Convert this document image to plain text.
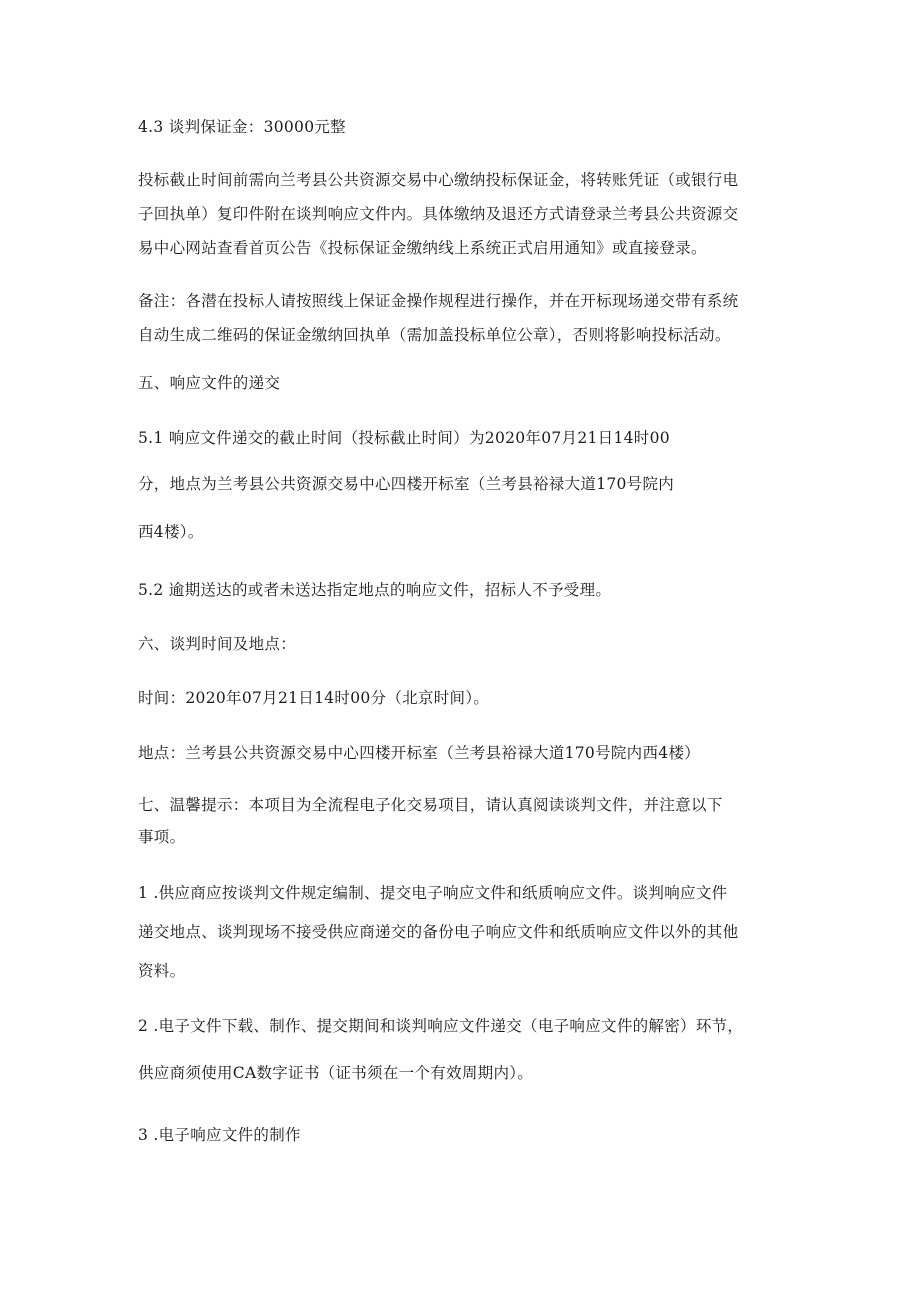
4.3 谈判保证金：30000元整
投标截止时间前需向兰考县公共资源交易中心缴纳投标保证金，将转账凭证（或银行电
子回执单）复印件附在谈判响应文件内。具体缴纳及退还方式请登录兰考县公共资源交
易中心网站查看首页公告《投标保证金缴纳线上系统正式启用通知》或直接登录。
备注：各潜在投标人请按照线上保证金操作规程进行操作，并在开标现场递交带有系统
自动生成二维码的保证金缴纳回执单（需加盖投标单位公章），否则将影响投标活动。
五、响应文件的递交
5.1 响应文件递交的截止时间（投标截止时间）为2020年07月21日14时00
分，地点为兰考县公共资源交易中心四楼开标室（兰考县裕禄大道170号院内
西4楼）。
5.2 逾期送达的或者未送达指定地点的响应文件，招标人不予受理。
六、谈判时间及地点：
时间：2020年07月21日14时00分（北京时间）。
地点：兰考县公共资源交易中心四楼开标室（兰考县裕禄大道170号院内西4楼）
七、温馨提示：本项目为全流程电子化交易项目，请认真阅读谈判文件，并注意以下
事项。
1 .供应商应按谈判文件规定编制、提交电子响应文件和纸质响应文件。谈判响应文件
递交地点、谈判现场不接受供应商递交的备份电子响应文件和纸质响应文件以外的其他
资料。
2 .电子文件下载、制作、提交期间和谈判响应文件递交（电子响应文件的解密）环节，
供应商须使用CA数字证书（证书须在一个有效周期内）。
3 .电子响应文件的制作
